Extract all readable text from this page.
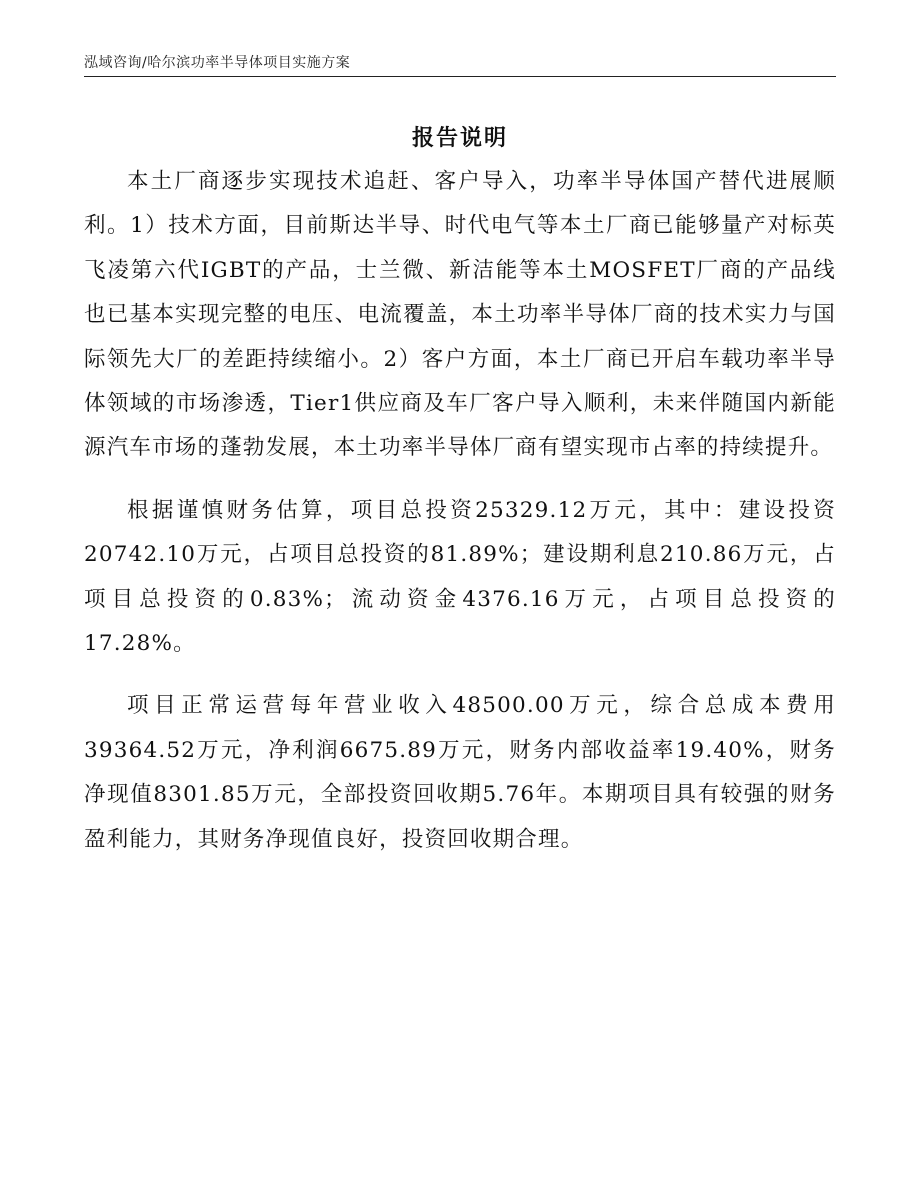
泓域咨询/哈尔滨功率半导体项目实施方案
报告说明

本土厂商逐步实现技术追赶、客户导入，功率半导体国产替代进展顺利。1）技术方面，目前斯达半导、时代电气等本土厂商已能够量产对标英飞凌第六代IGBT的产品，士兰微、新洁能等本土MOSFET厂商的产品线也已基本实现完整的电压、电流覆盖，本土功率半导体厂商的技术实力与国际领先大厂的差距持续缩小。2）客户方面，本土厂商已开启车载功率半导体领域的市场渗透，Tier1供应商及车厂客户导入顺利，未来伴随国内新能源汽车市场的蓬勃发展，本土功率半导体厂商有望实现市占率的持续提升。

根据谨慎财务估算，项目总投资25329.12万元，其中：建设投资20742.10万元，占项目总投资的81.89%；建设期利息210.86万元，占项目总投资的0.83%；流动资金4376.16万元，占项目总投资的17.28%。

项目正常运营每年营业收入48500.00万元，综合总成本费用39364.52万元，净利润6675.89万元，财务内部收益率19.40%，财务净现值8301.85万元，全部投资回收期5.76年。本期项目具有较强的财务盈利能力，其财务净现值良好，投资回收期合理。
